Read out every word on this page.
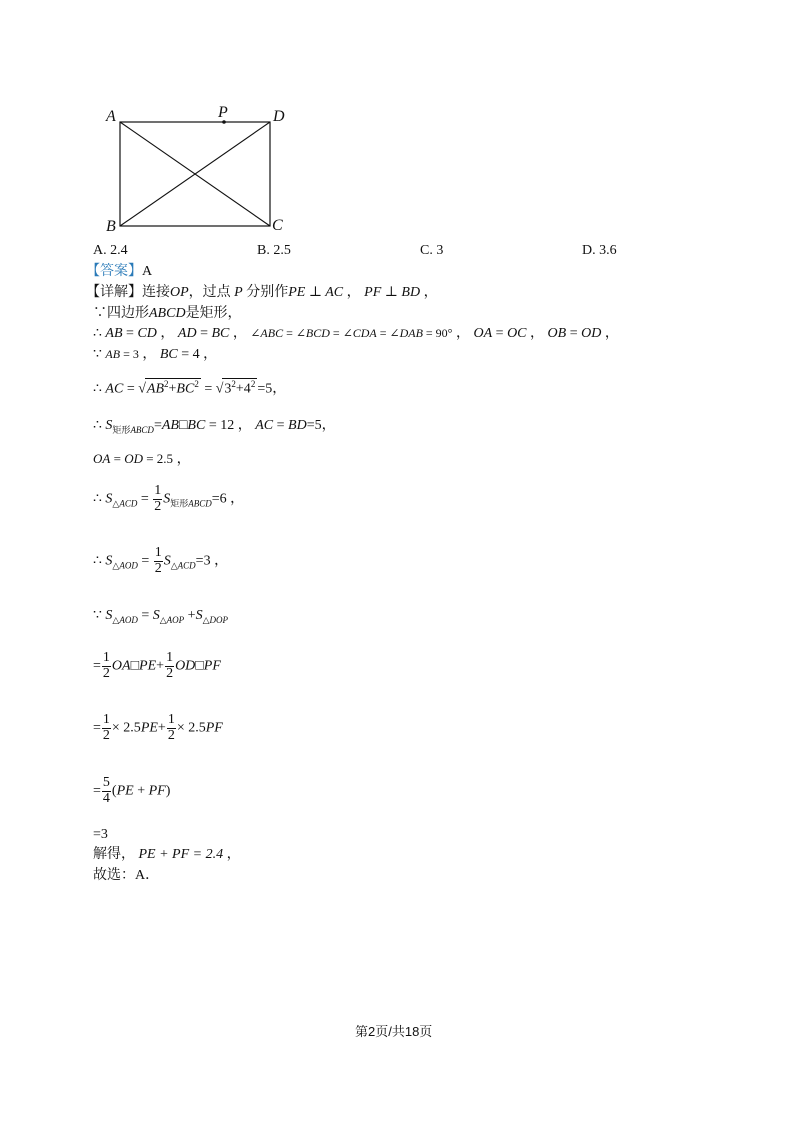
A	P	D
B	C
A. 2.4	B. 2.5	C. 3	D. 3.6
【答案】A
【详解】连接OP，过点 P 分别作PE ⊥ AC ， PF ⊥ BD ，
∵四边形ABCD是矩形，
∴ AB = CD ， AD = BC ， ∠ABC = ∠BCD = ∠CDA = ∠DAB = 90° ， OA = OC ， OB = OD ，
∵ AB = 3 ， BC = 4 ，
∴ AC = $√AB^2+BC^2 = √3^2+4^2 =5$，
∴ $S_{矩形ABCD}=AB□BC = 12$ ， AC = BD=5，
OA = OD = 2.5 ，
∴ $S_{\triangle ACD} = \frac{1}{2} S_{矩形ABCD}=6$ ，
∴ $S_{\triangle AOD} = \frac{1}{2} S_{\triangle ACD}=3$ ，
∵ $S_{\triangle AOD} = S_{\triangle AOP} +S_{\triangle DOP}$
= $\frac{1}{2}$ OA□PE+ $\frac{1}{2}$ OD□PF
= $\frac{1}{2} \times 2.5PE+ \frac{1}{2} \times 2.5PF$
= $\frac{5}{4} (PE + PF)$
=3
解得， PE + PF = 2.4 ，
故选：A．
第2页/共18页
